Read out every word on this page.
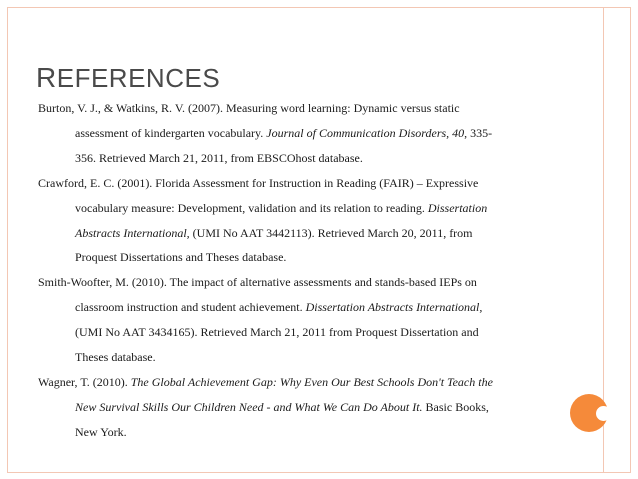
REFERENCES
Burton, V. J., & Watkins, R. V. (2007). Measuring word learning: Dynamic versus static
assessment of kindergarten vocabulary. Journal of Communication Disorders, 40, 335-
356. Retrieved March 21, 2011, from EBSCOhost database.
Crawford, E. C. (2001). Florida Assessment for Instruction in Reading (FAIR) – Expressive
vocabulary measure: Development, validation and its relation to reading. Dissertation
Abstracts International, (UMI No AAT 3442113). Retrieved March 20, 2011, from
Proquest Dissertations and Theses database.
Smith-Woofter, M. (2010). The impact of alternative assessments and stands-based IEPs on
classroom instruction and student achievement. Dissertation Abstracts International,
(UMI No AAT 3434165). Retrieved March 21, 2011 from Proquest Dissertation and
Theses database.
Wagner, T. (2010). The Global Achievement Gap: Why Even Our Best Schools Don't Teach the
New Survival Skills Our Children Need - and What We Can Do About It. Basic Books,
New York.
